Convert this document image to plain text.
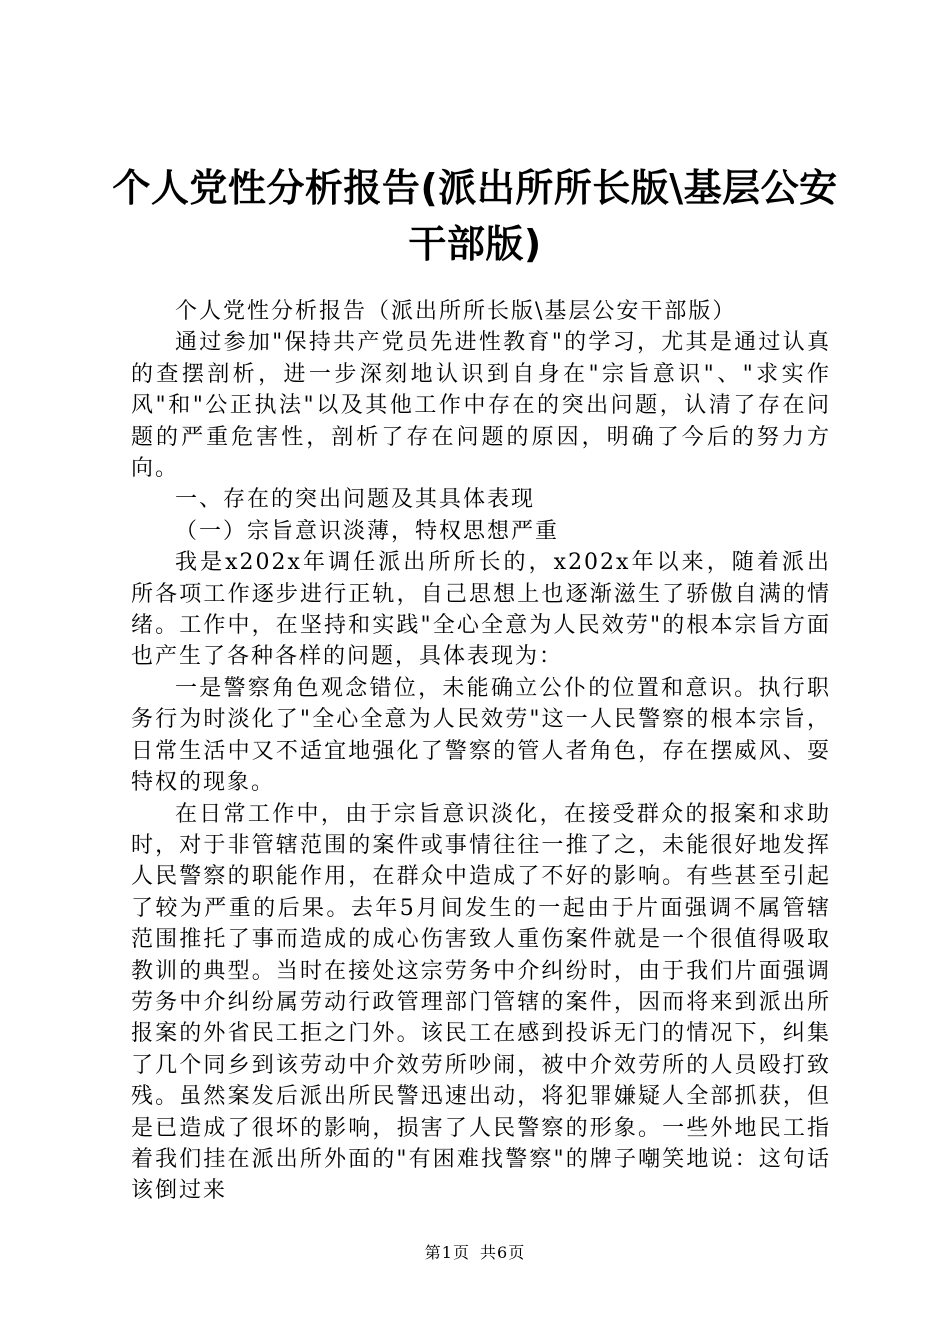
个人党性分析报告(派出所所长版\基层公安干部版)

个人党性分析报告（派出所所长版\基层公安干部版）

通过参加"保持共产党员先进性教育"的学习，尤其是通过认真的查摆剖析，进一步深刻地认识到自身在"宗旨意识"、"求实作风"和"公正执法"以及其他工作中存在的突出问题，认清了存在问题的严重危害性，剖析了存在问题的原因，明确了今后的努力方向。

一、存在的突出问题及其具体表现

（一）宗旨意识淡薄，特权思想严重

我是x202x年调任派出所所长的，x202x年以来，随着派出所各项工作逐步进行正轨，自己思想上也逐渐滋生了骄傲自满的情绪。工作中，在坚持和实践"全心全意为人民效劳"的根本宗旨方面也产生了各种各样的问题，具体表现为：

一是警察角色观念错位，未能确立公仆的位置和意识。执行职务行为时淡化了"全心全意为人民效劳"这一人民警察的根本宗旨，日常生活中又不适宜地强化了警察的管人者角色，存在摆威风、耍特权的现象。

在日常工作中，由于宗旨意识淡化，在接受群众的报案和求助时，对于非管辖范围的案件或事情往往一推了之，未能很好地发挥人民警察的职能作用，在群众中造成了不好的影响。有些甚至引起了较为严重的后果。去年5月间发生的一起由于片面强调不属管辖范围推托了事而造成的成心伤害致人重伤案件就是一个很值得吸取教训的典型。当时在接处这宗劳务中介纠纷时，由于我们片面强调劳务中介纠纷属劳动行政管理部门管辖的案件，因而将来到派出所报案的外省民工拒之门外。该民工在感到投诉无门的情况下，纠集了几个同乡到该劳动中介效劳所吵闹，被中介效劳所的人员殴打致残。虽然案发后派出所民警迅速出动，将犯罪嫌疑人全部抓获，但是已造成了很坏的影响，损害了人民警察的形象。一些外地民工指着我们挂在派出所外面的"有困难找警察"的牌子嘲笑地说：这句话该倒过来

第1页 共6页
